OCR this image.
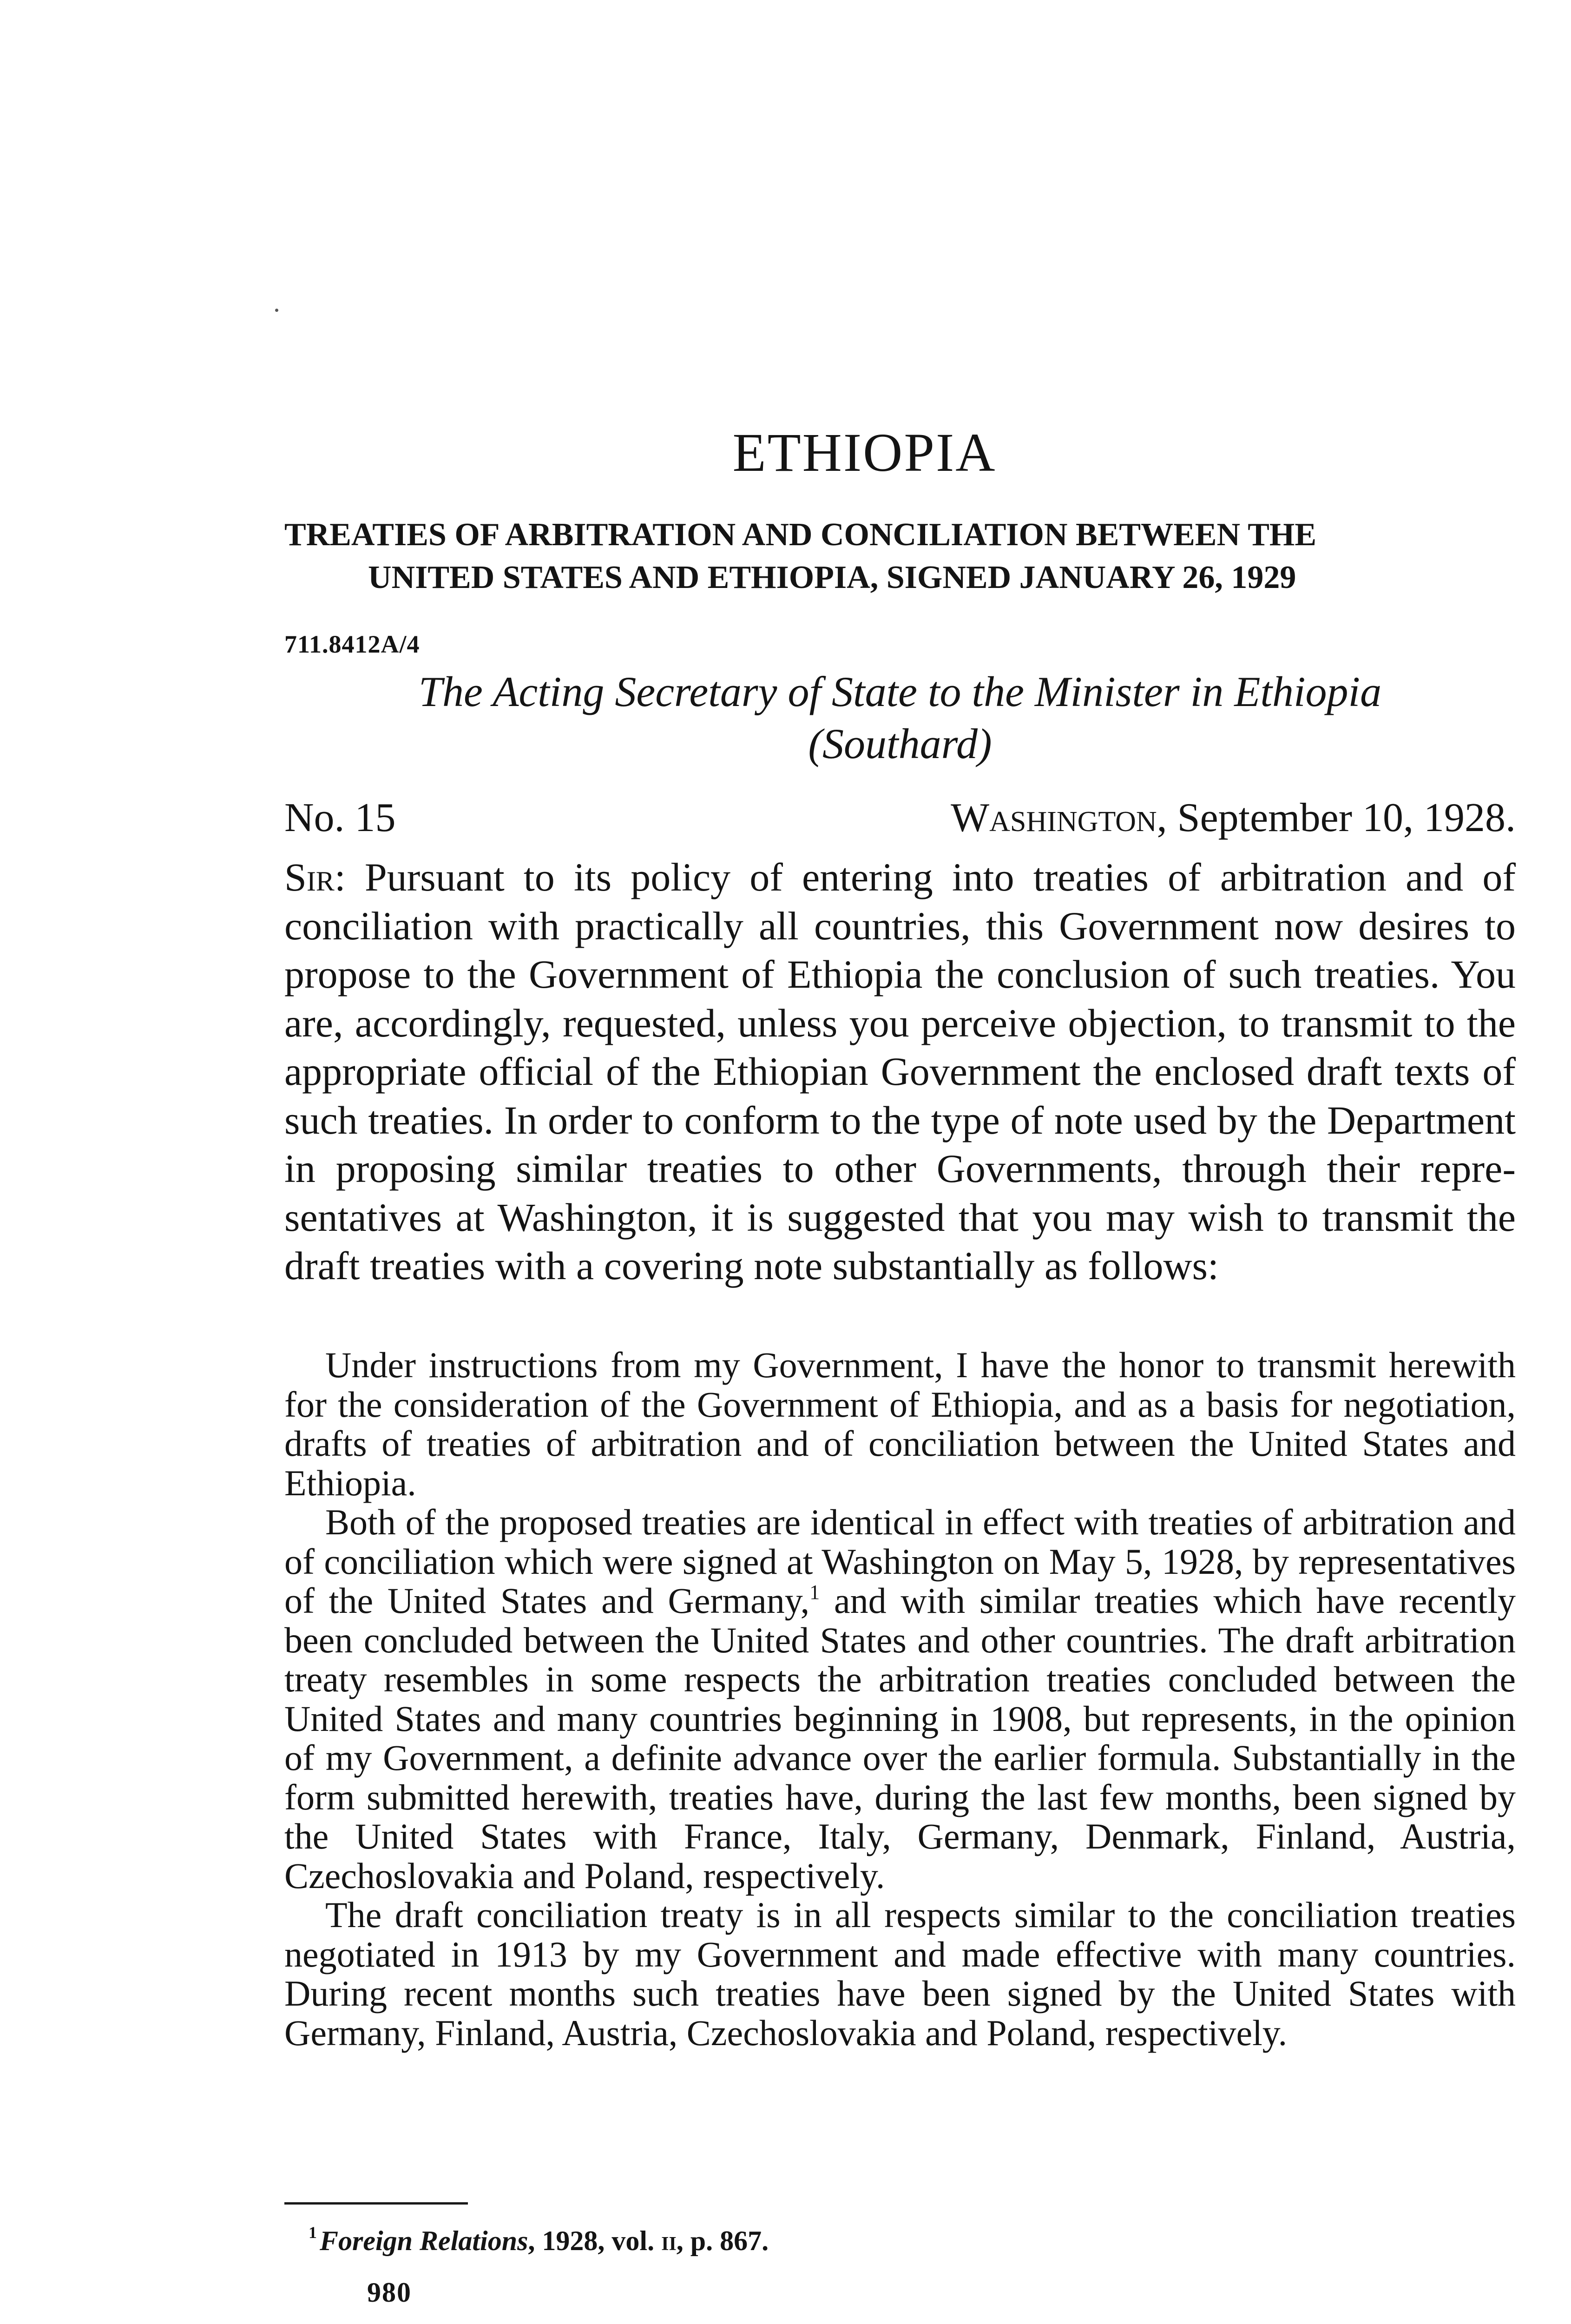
ETHIOPIA
TREATIES OF ARBITRATION AND CONCILIATION BETWEEN THE
UNITED STATES AND ETHIOPIA, SIGNED JANUARY 26, 1929
711.8412A/4
The Acting Secretary of State to the Minister in Ethiopia
(Southard)
No. 15	Washington, September 10, 1928.
Sir: Pursuant to its policy of entering into treaties of arbitration and of conciliation with practically all countries, this Government now desires to propose to the Government of Ethiopia the conclusion of such treaties. You are, accordingly, requested, unless you perceive objection, to transmit to the appropriate official of the Ethiopian Government the enclosed draft texts of such treaties. In order to conform to the type of note used by the Department in proposing similar treaties to other Governments, through their representatives at Washington, it is suggested that you may wish to transmit the draft treaties with a covering note substantially as follows:

Under instructions from my Government, I have the honor to transmit herewith for the consideration of the Government of Ethiopia, and as a basis for negotiation, drafts of treaties of arbitration and of conciliation between the United States and Ethiopia.

Both of the proposed treaties are identical in effect with treaties of arbitration and of conciliation which were signed at Washington on May 5, 1928, by representatives of the United States and Germany,$^1$ and with similar treaties which have recently been concluded between the United States and other countries. The draft arbitration treaty resembles in some respects the arbitration treaties concluded between the United States and many countries beginning in 1908, but represents, in the opinion of my Government, a definite advance over the earlier formula. Substantially in the form submitted herewith, treaties have, during the last few months, been signed by the United States with France, Italy, Germany, Denmark, Finland, Austria, Czechoslovakia and Poland, respectively.

The draft conciliation treaty is in all respects similar to the conciliation treaties negotiated in 1913 by my Government and made effective with many countries. During recent months such treaties have been signed by the United States with Germany, Finland, Austria, Czechoslovakia and Poland, respectively.

$^1$ Foreign Relations, 1928, vol. ii, p. 867.
980
